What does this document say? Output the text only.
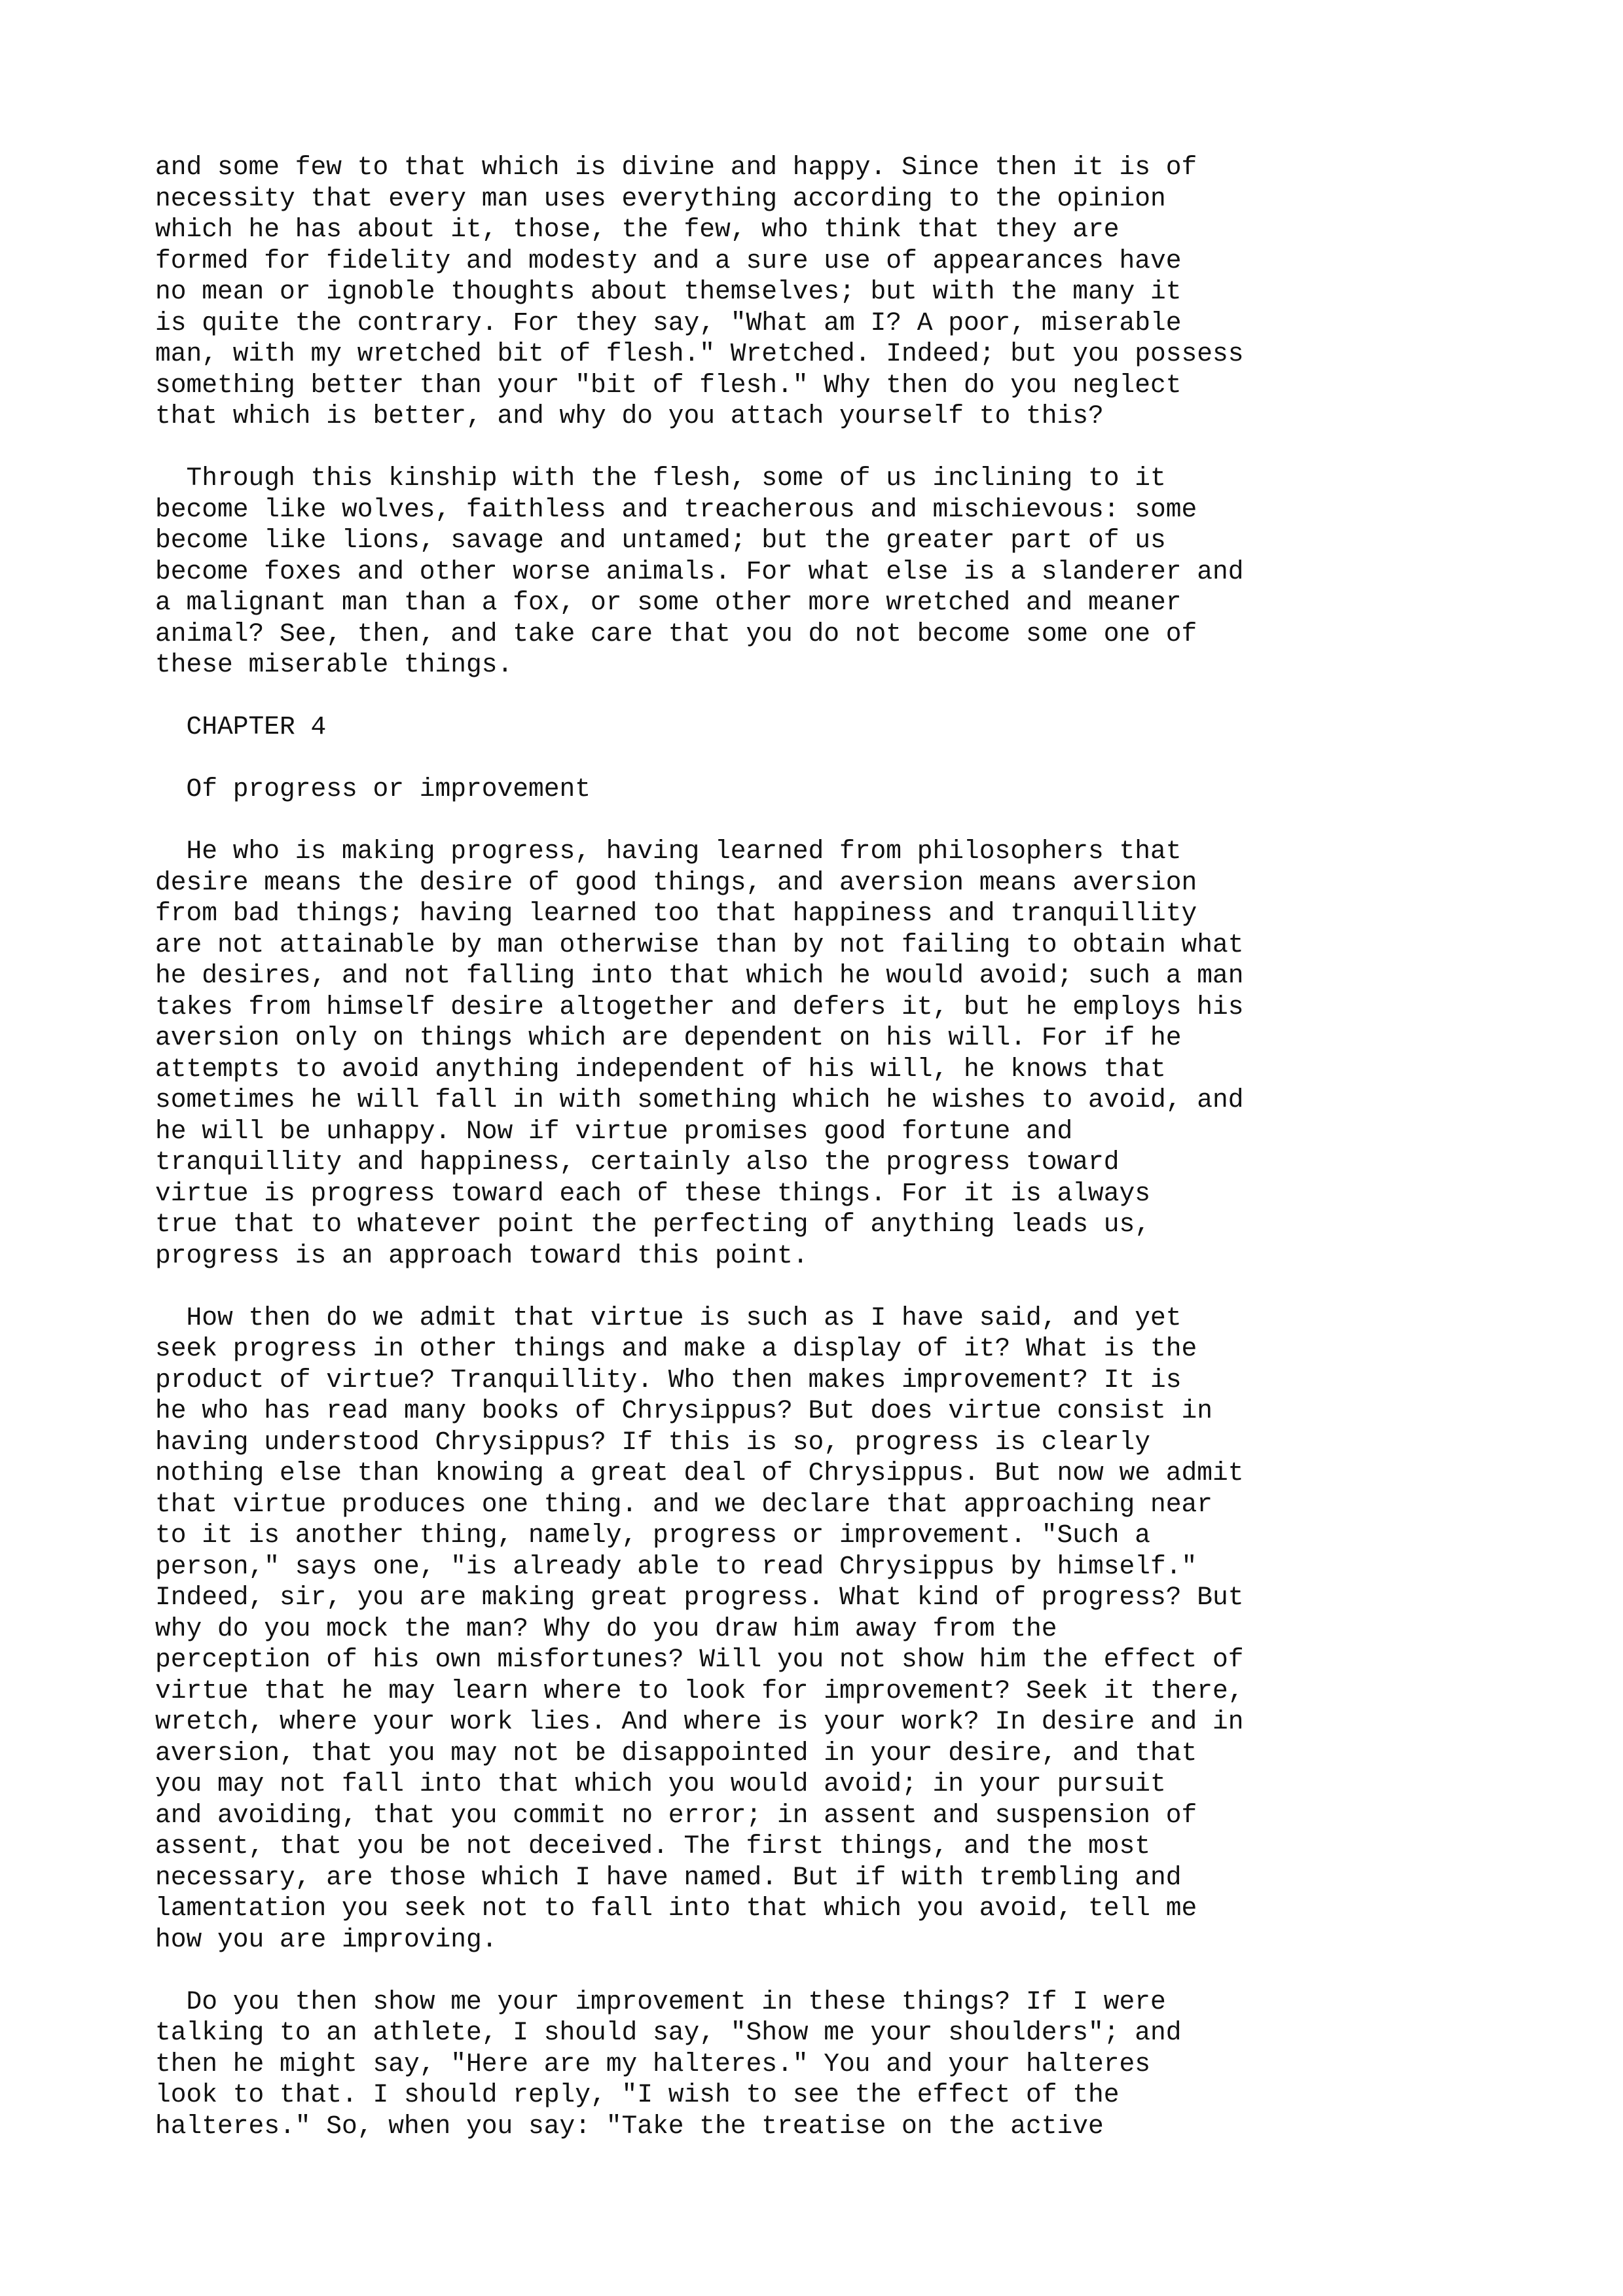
and some few to that which is divine and happy. Since then it is of
necessity that every man uses everything according to the opinion
which he has about it, those, the few, who think that they are
formed for fidelity and modesty and a sure use of appearances have
no mean or ignoble thoughts about themselves; but with the many it
is quite the contrary. For they say, "What am I? A poor, miserable
man, with my wretched bit of flesh." Wretched. Indeed; but you possess
something better than your "bit of flesh." Why then do you neglect
that which is better, and why do you attach yourself to this?
Through this kinship with the flesh, some of us inclining to it
become like wolves, faithless and treacherous and mischievous: some
become like lions, savage and untamed; but the greater part of us
become foxes and other worse animals. For what else is a slanderer and
a malignant man than a fox, or some other more wretched and meaner
animal? See, then, and take care that you do not become some one of
these miserable things.
CHAPTER 4
Of progress or improvement
He who is making progress, having learned from philosophers that
desire means the desire of good things, and aversion means aversion
from bad things; having learned too that happiness and tranquillity
are not attainable by man otherwise than by not failing to obtain what
he desires, and not falling into that which he would avoid; such a man
takes from himself desire altogether and defers it, but he employs his
aversion only on things which are dependent on his will. For if he
attempts to avoid anything independent of his will, he knows that
sometimes he will fall in with something which he wishes to avoid, and
he will be unhappy. Now if virtue promises good fortune and
tranquillity and happiness, certainly also the progress toward
virtue is progress toward each of these things. For it is always
true that to whatever point the perfecting of anything leads us,
progress is an approach toward this point.
How then do we admit that virtue is such as I have said, and yet
seek progress in other things and make a display of it? What is the
product of virtue? Tranquillity. Who then makes improvement? It is
he who has read many books of Chrysippus? But does virtue consist in
having understood Chrysippus? If this is so, progress is clearly
nothing else than knowing a great deal of Chrysippus. But now we admit
that virtue produces one thing. and we declare that approaching near
to it is another thing, namely, progress or improvement. "Such a
person," says one, "is already able to read Chrysippus by himself."
Indeed, sir, you are making great progress. What kind of progress? But
why do you mock the man? Why do you draw him away from the
perception of his own misfortunes? Will you not show him the effect of
virtue that he may learn where to look for improvement? Seek it there,
wretch, where your work lies. And where is your work? In desire and in
aversion, that you may not be disappointed in your desire, and that
you may not fall into that which you would avoid; in your pursuit
and avoiding, that you commit no error; in assent and suspension of
assent, that you be not deceived. The first things, and the most
necessary, are those which I have named. But if with trembling and
lamentation you seek not to fall into that which you avoid, tell me
how you are improving.
Do you then show me your improvement in these things? If I were
talking to an athlete, I should say, "Show me your shoulders"; and
then he might say, "Here are my halteres." You and your halteres
look to that. I should reply, "I wish to see the effect of the
halteres." So, when you say: "Take the treatise on the active
